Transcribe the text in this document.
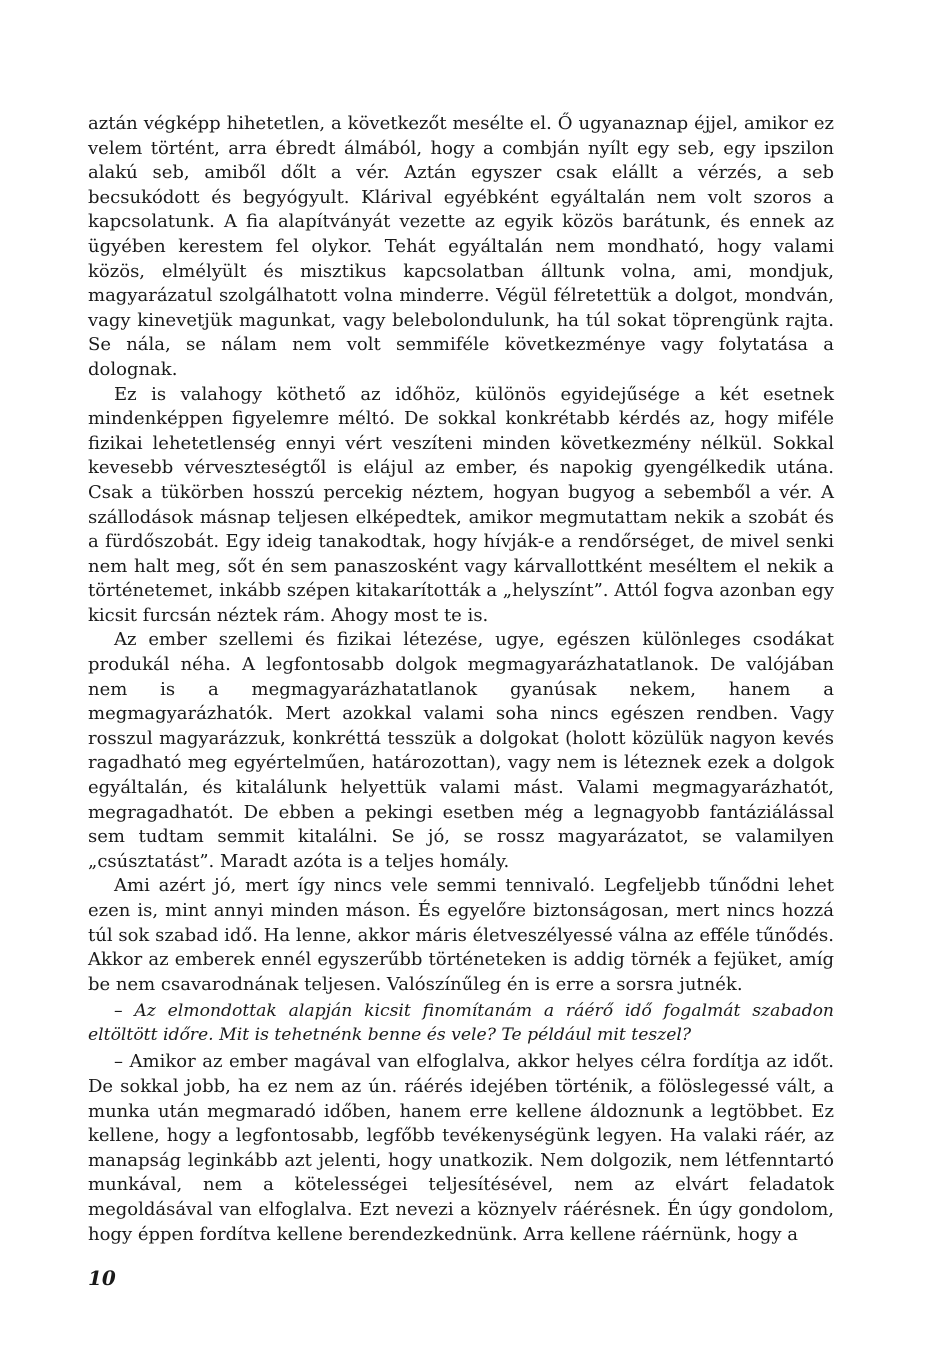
aztán végképp hihetetlen, a következőt mesélte el. Ő ugyanaznap éjjel, amikor ez velem történt, arra ébredt álmából, hogy a combján nyílt egy seb, egy ipszilon alakú seb, amiből dőlt a vér. Aztán egyszer csak elállt a vérzés, a seb becsukódott és begyógyult. Klárival egyébként egyáltalán nem volt szoros a kapcsolatunk. A fia alapítványát vezette az egyik közös barátunk, és ennek az ügyében kerestem fel olykor. Tehát egyáltalán nem mondható, hogy valami közös, elmélyült és misztikus kapcsolatban álltunk volna, ami, mondjuk, magyarázatul szolgálhatott volna minderre. Végül félretettük a dolgot, mondván, vagy kinevetjük magunkat, vagy belebolondulunk, ha túl sokat töprengünk rajta. Se nála, se nálam nem volt semmiféle következménye vagy folytatása a dolognak.

Ez is valahogy köthető az időhöz, különös egyidejűsége a két esetnek mindenképpen figyelemre méltó. De sokkal konkrétabb kérdés az, hogy miféle fizikai lehetetlenség ennyi vért veszíteni minden következmény nélkül. Sokkal kevesebb vérveszteségtől is elájul az ember, és napokig gyengélkedik utána. Csak a tükörben hosszú percekig néztem, hogyan bugyog a sebemből a vér. A szállodások másnap teljesen elképedtek, amikor megmutattam nekik a szobát és a fürdőszobát. Egy ideig tanakodtak, hogy hívják-e a rendőrséget, de mivel senki nem halt meg, sőt én sem panaszosként vagy kárvallottként meséltem el nekik a történetemet, inkább szépen kitakarították a „helyszínt”. Attól fogva azonban egy kicsit furcsán néztek rám. Ahogy most te is.

Az ember szellemi és fizikai létezése, ugye, egészen különleges csodákat produkál néha. A legfontosabb dolgok megmagyarázhatatlanok. De valójában nem is a megmagyarázhatatlanok gyanúsak nekem, hanem a megmagyarázhatók. Mert azokkal valami soha nincs egészen rendben. Vagy rosszul magyarázzuk, konkréttá tesszük a dolgokat (holott közülük nagyon kevés ragadható meg egyértelműen, határozottan), vagy nem is léteznek ezek a dolgok egyáltalán, és kitalálunk helyettük valami mást. Valami megmagyarázhatót, megragadhatót. De ebben a pekingi esetben még a legnagyobb fantáziálással sem tudtam semmit kitalálni. Se jó, se rossz magyarázatot, se valamilyen „csúsztatást”. Maradt azóta is a teljes homály.

Ami azért jó, mert így nincs vele semmi tennivaló. Legfeljebb tűnődni lehet ezen is, mint annyi minden máson. És egyelőre biztonságosan, mert nincs hozzá túl sok szabad idő. Ha lenne, akkor máris életveszélyessé válna az efféle tűnődés. Akkor az emberek ennél egyszerűbb történeteken is addig törnék a fejüket, amíg be nem csavarodnának teljesen. Valószínűleg én is erre a sorsra jutnék.

– Az elmondottak alapján kicsit finomítanám a ráérő idő fogalmát szabadon eltöltött időre. Mit is tehetnénk benne és vele? Te például mit teszel?

– Amikor az ember magával van elfoglalva, akkor helyes célra fordítja az időt. De sokkal jobb, ha ez nem az ún. ráérés idejében történik, a fölöslegessé vált, a munka után megmaradó időben, hanem erre kellene áldoznunk a legtöbbet. Ez kellene, hogy a legfontosabb, legfőbb tevékenységünk legyen. Ha valaki ráér, az manapság leginkább azt jelenti, hogy unatkozik. Nem dolgozik, nem létfenntartó munkával, nem a kötelességei teljesítésével, nem az elvárt feladatok megoldásával van elfoglalva. Ezt nevezi a köznyelv ráérésnek. Én úgy gondolom, hogy éppen fordítva kellene berendezkednünk. Arra kellene ráérnünk, hogy a

10
